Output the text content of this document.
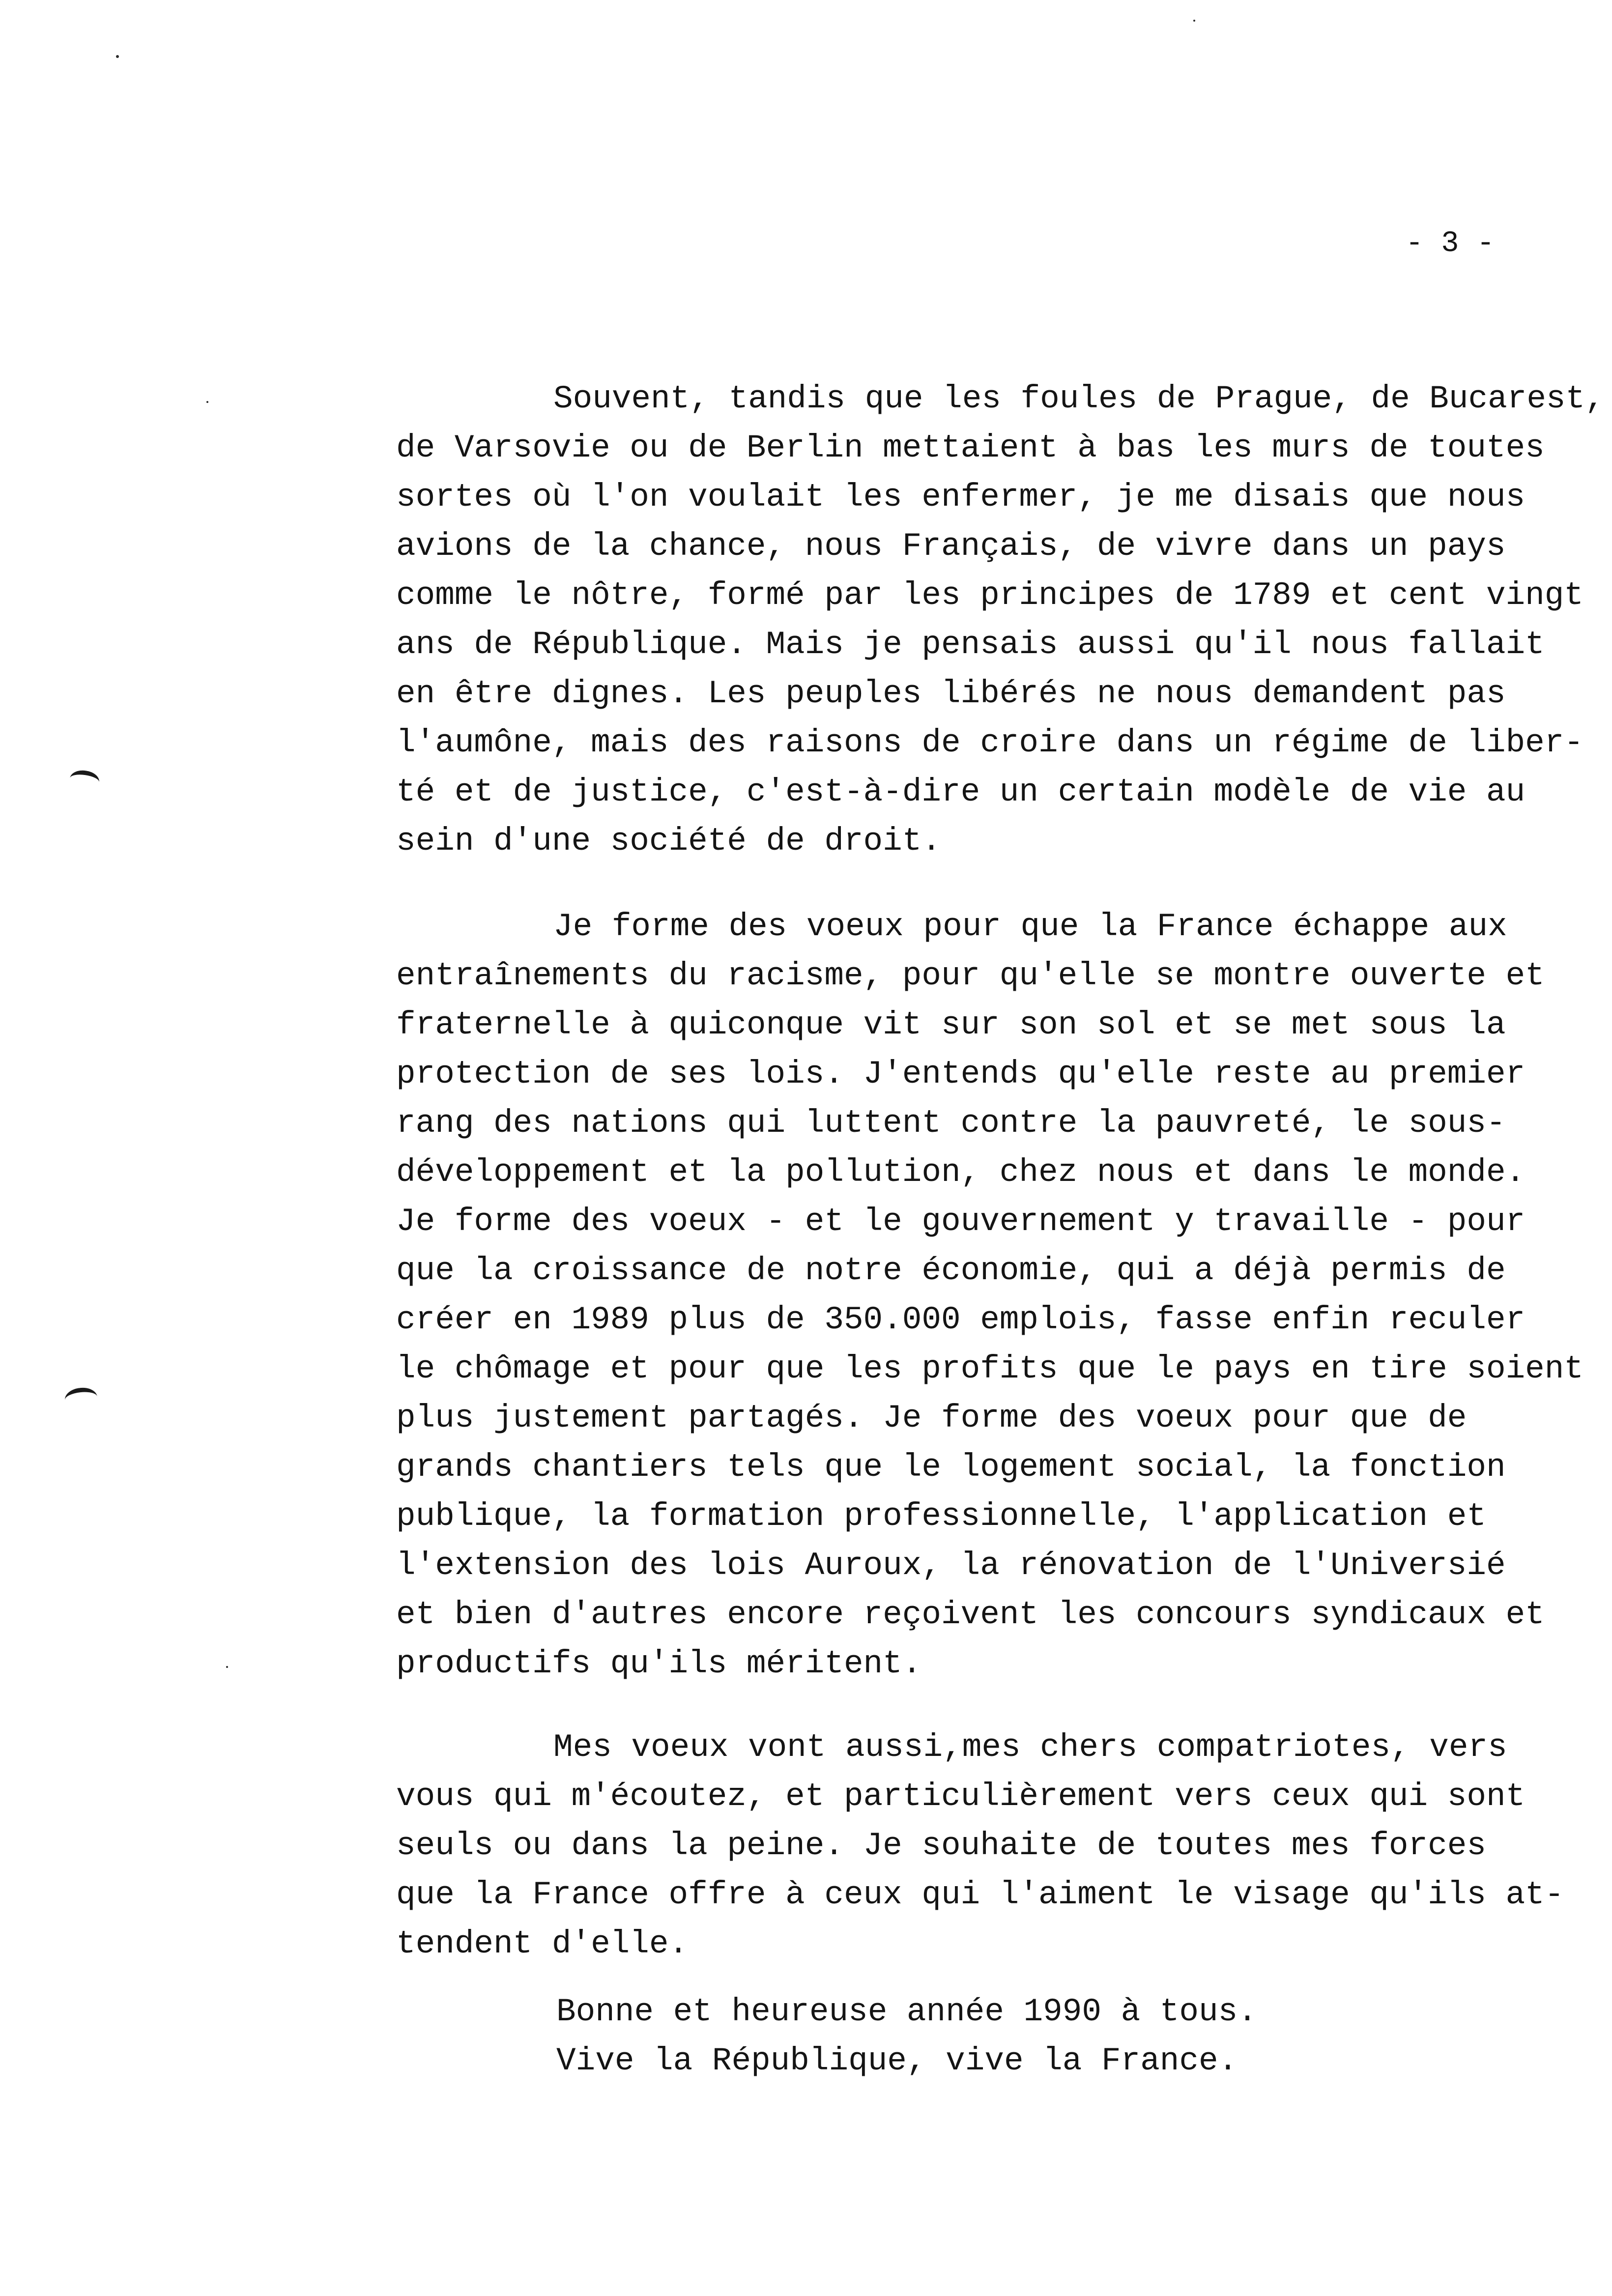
- 3 -
Souvent, tandis que les foules de Prague, de Bucarest,
de Varsovie ou de Berlin mettaient à bas les murs de toutes
sortes où l'on voulait les enfermer, je me disais que nous
avions de la chance, nous Français, de vivre dans un pays
comme le nôtre, formé par les principes de 1789 et cent vingt
ans de République. Mais je pensais aussi qu'il nous fallait
en être dignes. Les peuples libérés ne nous demandent pas
l'aumône, mais des raisons de croire dans un régime de liber-
té et de justice, c'est-à-dire un certain modèle de vie au
sein d'une société de droit.
Je forme des voeux pour que la France échappe aux
entraînements du racisme, pour qu'elle se montre ouverte et
fraternelle à quiconque vit sur son sol et se met sous la
protection de ses lois. J'entends qu'elle reste au premier
rang des nations qui luttent contre la pauvreté, le sous-
développement et la pollution, chez nous et dans le monde.
Je forme des voeux - et le gouvernement y travaille - pour
que la croissance de notre économie, qui a déjà permis de
créer en 1989 plus de 350.000 emplois, fasse enfin reculer
le chômage et pour que les profits que le pays en tire soient
plus justement partagés. Je forme des voeux pour que de
grands chantiers tels que le logement social, la fonction
publique, la formation professionnelle, l'application et
l'extension des lois Auroux, la rénovation de l'Universié
et bien d'autres encore reçoivent les concours syndicaux et
productifs qu'ils méritent.
Mes voeux vont aussi,mes chers compatriotes, vers
vous qui m'écoutez, et particulièrement vers ceux qui sont
seuls ou dans la peine. Je souhaite de toutes mes forces
que la France offre à ceux qui l'aiment le visage qu'ils at-
tendent d'elle.
Bonne et heureuse année 1990 à tous.
Vive la République, vive la France.
